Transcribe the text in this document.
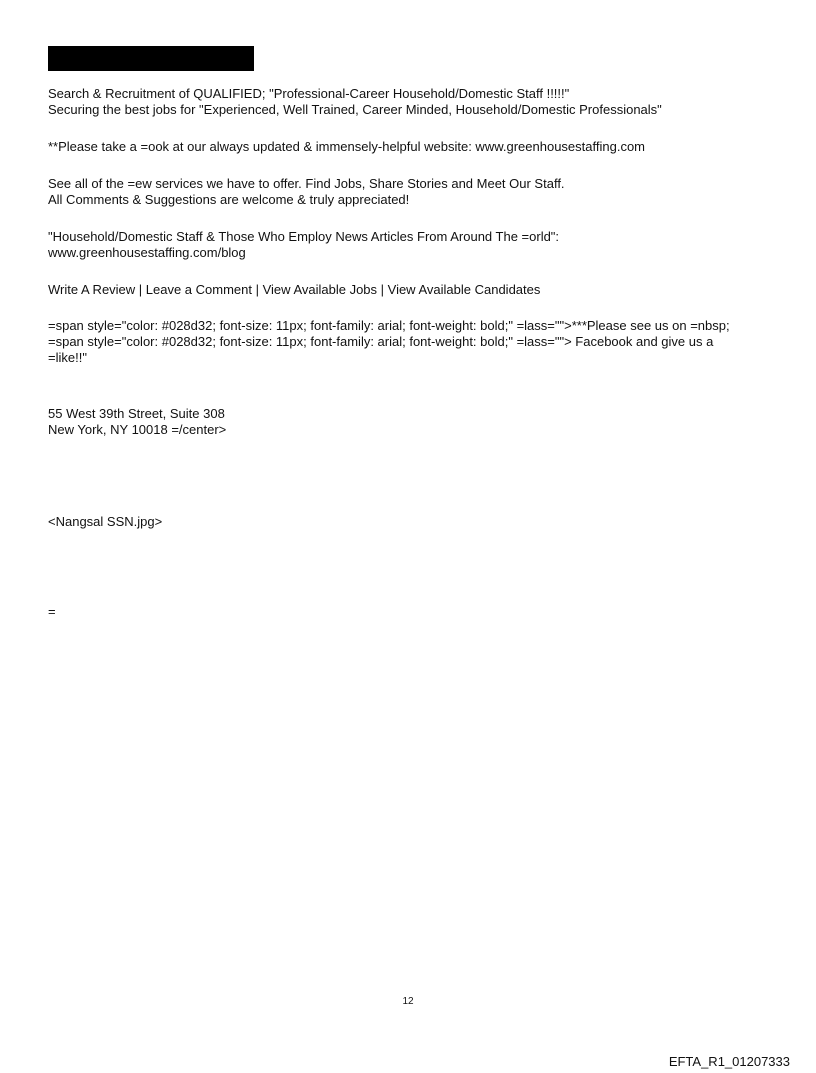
Search & Recruitment of QUALIFIED; "Professional-Career Household/Domestic Staff !!!!!"
Securing the best jobs for "Experienced, Well Trained, Career Minded, Household/Domestic Professionals"
**Please take a =ook at our always updated & immensely-helpful website: www.greenhousestaffing.com
See all of the =ew services we have to offer. Find Jobs, Share Stories and Meet Our Staff.
All Comments & Suggestions are welcome & truly appreciated!
"Household/Domestic Staff & Those Who Employ News Articles From Around The =orld":
www.greenhousestaffing.com/blog
Write A Review | Leave a Comment | View Available Jobs | View Available Candidates
=span style="color: #028d32; font-size: 11px; font-family: arial; font-weight: bold;" =lass="">***Please see us on =nbsp;
=span style="color: #028d32; font-size: 11px; font-family: arial; font-weight: bold;" =lass=""> Facebook and give us a
=like!!"
55 West 39th Street, Suite 308
New York, NY 10018 =/center>
<Nangsal SSN.jpg>
=
12
EFTA_R1_01207333
